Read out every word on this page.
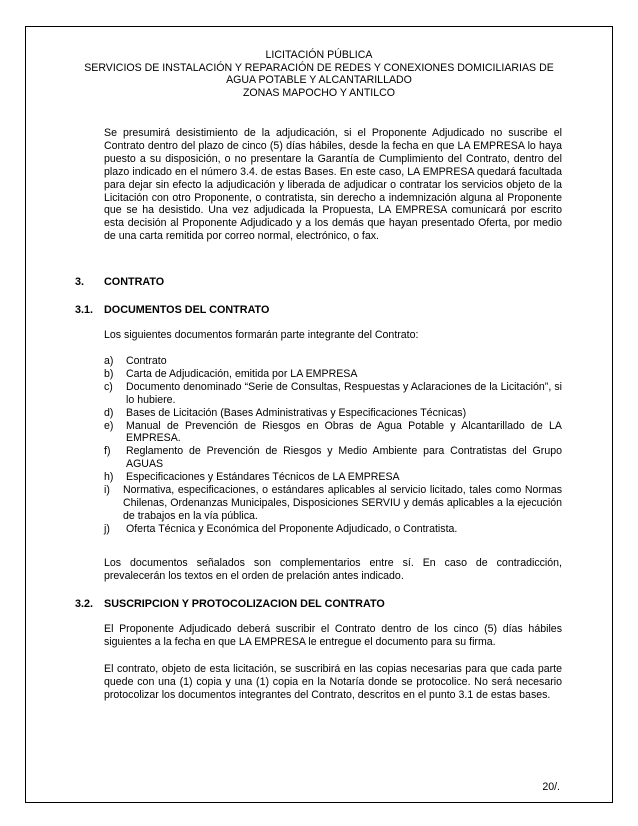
LICITACIÓN PÚBLICA
SERVICIOS DE INSTALACIÓN Y REPARACIÓN DE REDES Y CONEXIONES DOMICILIARIAS DE
AGUA POTABLE Y ALCANTARILLADO
ZONAS MAPOCHO Y ANTILCO
Se presumirá desistimiento de la adjudicación, si el Proponente Adjudicado no suscribe el Contrato dentro del plazo de cinco (5) días hábiles, desde la fecha en que LA EMPRESA lo haya puesto a su disposición, o no presentare la Garantía de Cumplimiento del Contrato, dentro del plazo indicado en el número 3.4. de estas Bases. En este caso, LA EMPRESA quedará facultada para dejar sin efecto la adjudicación y liberada de adjudicar o contratar los servicios objeto de la Licitación con otro Proponente, o contratista, sin derecho a indemnización alguna al Proponente que se ha desistido. Una vez adjudicada la Propuesta, LA EMPRESA comunicará por escrito esta decisión al Proponente Adjudicado y a los demás que hayan presentado Oferta, por medio de una carta remitida por correo normal, electrónico, o fax.
3. CONTRATO
3.1. DOCUMENTOS DEL CONTRATO
Los siguientes documentos formarán parte integrante del Contrato:
a)	Contrato
b)	Carta de Adjudicación, emitida por LA EMPRESA
c)	Documento denominado “Serie de Consultas, Respuestas y Aclaraciones de la Licitación”, si lo hubiere.
d)	Bases de Licitación (Bases Administrativas y Especificaciones Técnicas)
e)	Manual de Prevención de Riesgos en Obras de Agua Potable y Alcantarillado de LA EMPRESA.
f)	Reglamento de Prevención de Riesgos y Medio Ambiente para Contratistas del Grupo AGUAS
h)	Especificaciones y Estándares Técnicos de LA EMPRESA
i)	Normativa, especificaciones, o estándares aplicables al servicio licitado, tales como Normas Chilenas, Ordenanzas Municipales, Disposiciones SERVIU y demás aplicables a la ejecución de trabajos en la vía pública.
j)	Oferta Técnica y Económica del Proponente Adjudicado, o Contratista.
Los documentos señalados son complementarios entre sí. En caso de contradicción, prevalecerán los textos en el orden de prelación antes indicado.
3.2. SUSCRIPCION Y PROTOCOLIZACION DEL CONTRATO
El Proponente Adjudicado deberá suscribir el Contrato dentro de los cinco (5) días hábiles siguientes a la fecha en que LA EMPRESA le entregue el documento para su firma.
El contrato, objeto de esta licitación, se suscribirá en las copias necesarias para que cada parte quede con una (1) copia y una (1) copia en la Notaría donde se protocolice. No será necesario protocolizar los documentos integrantes del Contrato, descritos en el punto 3.1 de estas bases.
20/.
